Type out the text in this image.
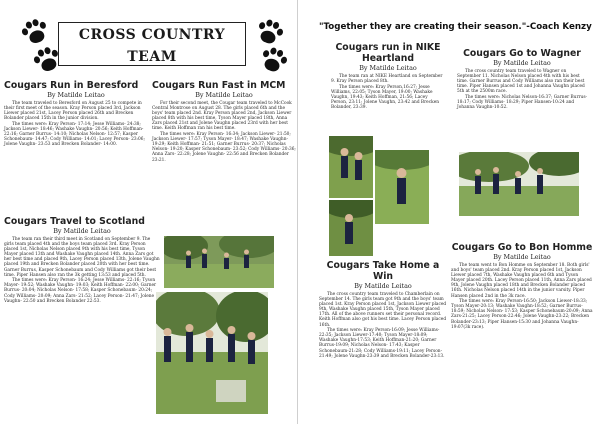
CROSS COUNTRY
TEAM
Cougars Run in Beresford
By Matilde Leitao

The team traveled to Beresford on August 25 to compete in their first meet of the season. Kray Person placed 3rd, Jackson Liewer placed 21st, Lacey Person placed 26th and Brecken Bolander placed 15th in the junior division.

The times were: Kray Person- 17:14; Jesse Williams- 24:38; Jackson Liewer- 18:46; Washake Vaughn- 20:56; Keith Hoffman- 22:16; Garner Burrus- 14:10; Nicholas Nelson- 12:57; Kasper Schonebaum- 14:47; Cody Williams- 14:01; Lacey Person- 23:06; Jolene Vaughn- 23:53 and Brecken Bolander- 14:00.

Cougars Run Fast in MCM
By Matilde Leitao

For their second meet, the Cougar team traveled to McCook Central Montrose on August 28. The girls placed 6th and the boys' team placed 2nd. Kray Person placed 2nd, Jackson Liewer placed 8th with his best time, Tyson Mayer placed 18th, Anna Zars placed 21st and Jolene Vaughn placed 23rd with her best time. Keith Hoffman ran his best time.

The times were: Kray Person- 16:34; Jackson Liewer- 21:50; Jackson Liewer- 17:57; Tyson Mayer- 18:47; Washake Vaughn- 19:29; Keith Hoffman- 21:51; Garner Burrus- 20:37; Nicholas Nelson- 19:20; Kasper Schonebaum- 23:52; Cody Williams- 20:36; Anna Zars- 22:28; Jolene Vaughn- 22:56 and Brecken Bolander 23:21.

Cougars Travel to Scotland
By Matilde Leitao

The team ran their third meet in Scotland on September 9. The girls team placed 4th and the boys team placed 3rd. Kray Person placed 1st, Nicholas Nelson placed 9th with his best time, Tyson Mayer placed 13th and Washake Vaughn placed 14th. Anna Zars got her best time and placed 9th, Lacey Person placed 13th, Jolene Vaughn placed 19th and Brecken Bolander placed 20th with her best time. Garner Burrus, Kasper Schonebaum and Cody Williams got their best time. Piper Hansen also ran the 3k getting 13:53 and placed 5th.

The times were: Kray Person- 16:24; Jesse Williams- 22:16; Tyson Mayer- 19:52; Washake Vaughn- 19:03; Keith Hoffman- 22:00; Garner Burrus- 20:04; Nicholas Nelson- 17:58; Kasper Schonebaum- 20:24; Cody Williams- 20:09; Anna Zars- 21:52; Lacey Person- 21:47; Jolene Vaughn- 22:50 and Brecken Bolander 22:53.

"Together they are creating their season."-Coach Kenzy
Cougars run in NIKE Heartland
By Matilde Leitao

The team ran at NIKE Heartland on September 9. Kray Person placed 8th.

The times were: Kray Person,16:27; Jesse Williams, 22:05; Tyson Mayer, 19:00; Washake Vaughn, 19:43; Keith Hoffman, 21:56; Lacey Person, 23:11; Jolene Vaughn, 23:42 and Brecken Bolander, 23:39.

Cougars Go to Wagner
By Matilde Leitao

The cross country team traveled to Wagner on September 11. Nicholas Nelson placed 4th with his best time. Garner Burrus and Cody Williams also ran their best time. Piper Hansen placed 1st and Johanna Vaughn placed 5th at the 2500m race.

The times were: Nicholas Nelson-16:37; Garner Burrus-18:17; Cody Williams- 18:29; Piper Hansen-10:24 and Johanna Vaughn-10:52.

Cougars Take Home a Win
By Matilde Leitao

The cross country team traveled to Chamberlain on September 14. The girls team got 9th and the boys' team placed 1st. Kray Person placed 1st, Jackson Liewer placed 9th, Washake Vaughn placed 15th, Tyson Mayer placed 17th. All of the above runners set their personal record. Keith Hoffman also got his best time. Lacey Person placed 16th.

The times were: Kray Person-16:09; Jesse Williams-22:35; Jackson Liewer-17:40; Tyson Mayer-18:09; Washake Vaughn-17:53; Keith Hoffman-21:20; Garner Burrus-19:09; Nicholas Nelson- 17:43; Kasper Schonebaum-21:28; Cody Williams-19:11; Lacey Person-21:49; Jolene Vaughn-23:39 and Brecken Bolander-23:13.

Cougars Go to Bon Homme
By Matilde Leitao

The team went to Bon Homme on September 18. Both girls' and boys' team placed 2nd. Kray Person placed 1st, Jackson Liewer placed 7th, Washake Vaughn placed 6th and Tyson Mayer placed 20th. Lacey Person placed 11th, Anna Zars placed 9th, Jolene Vaughn placed 18th and Brecken Bolander placed 16th. Nicholas Nelson placed 14th in the junior varsity. Piper Hansen placed 2nd in the 3k race.

The times were: Kray Person-16:50; Jackson Liewer-18:33; Tyson Mayer-20:13; Washake Vaughn-18:52; Garner Burrus-18:59; Nicholas Nelson- 17:53; Kasper Schonebaum-20:09; Anna Zars-21:25; Lacey Person-22:46; Jolene Vaughn-23:22; Brecken Bolander-23:13; Piper Hansen-15:30 and Johanna Vaughn-19:07(3k race).
